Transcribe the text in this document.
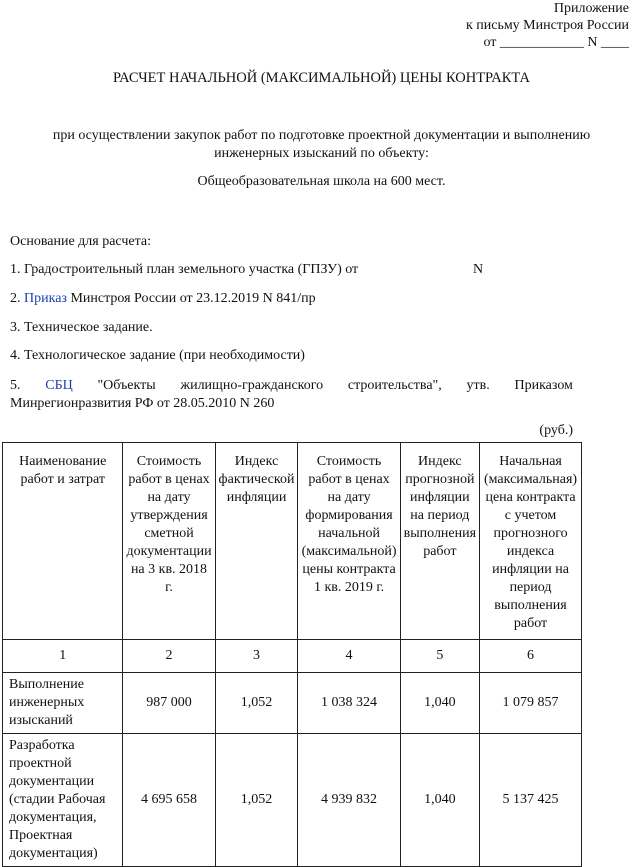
Приложение
к письму Минстроя России
от ____________ N ____
РАСЧЕТ НАЧАЛЬНОЙ (МАКСИМАЛЬНОЙ) ЦЕНЫ КОНТРАКТА
при осуществлении закупок работ по подготовке проектной документации и выполнению инженерных изысканий по объекту:
Общеобразовательная школа на 600 мест.
Основание для расчета:
1. Градостроительный план земельного участка (ГПЗУ) от	N
2. Приказ Минстроя России от 23.12.2019 N 841/пр
3. Техническое задание.
4. Технологическое задание (при необходимости)
5. СБЦ "Объекты жилищно-гражданского строительства", утв. Приказом
Минрегионразвития РФ от 28.05.2010 N 260
(руб.)
Наименование работ и затрат	Стоимость работ в ценах на дату утверждения сметной документации на 3 кв. 2018 г.	Индекс фактической инфляции	Стоимость работ в ценах на дату формирования начальной (максимальной) цены контракта 1 кв. 2019 г.	Индекс прогнозной инфляции на период выполнения работ	Начальная (максимальная) цена контракта с учетом прогнозного индекса инфляции на период выполнения работ
1	2	3	4	5	6
Выполнение инженерных изысканий	987 000	1,052	1 038 324	1,040	1 079 857
Разработка проектной документации (стадии Рабочая документация, Проектная документация)	4 695 658	1,052	4 939 832	1,040	5 137 425
